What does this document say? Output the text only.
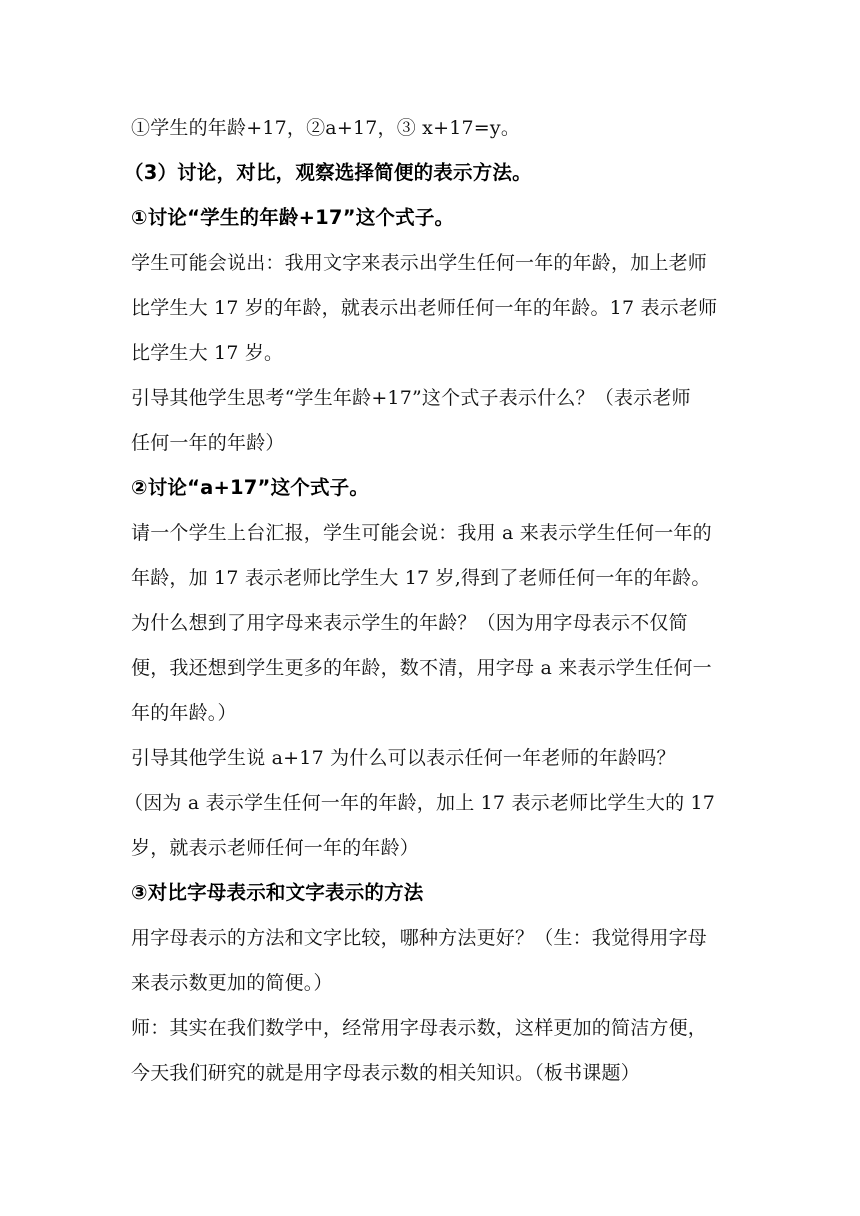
①学生的年龄+17，②a+17，③ x+17=y。
（3）讨论，对比，观察选择简便的表示方法。
①讨论“学生的年龄+17”这个式子。
学生可能会说出：我用文字来表示出学生任何一年的年龄，加上老师
比学生大 17 岁的年龄，就表示出老师任何一年的年龄。17 表示老师
比学生大 17 岁。
引导其他学生思考“学生年龄+17”这个式子表示什么？（表示老师
任何一年的年龄）
②讨论“a+17”这个式子。
请一个学生上台汇报，学生可能会说：我用 a 来表示学生任何一年的
年龄，加 17 表示老师比学生大 17 岁,得到了老师任何一年的年龄。
为什么想到了用字母来表示学生的年龄？（因为用字母表示不仅简
便，我还想到学生更多的年龄，数不清，用字母 a 来表示学生任何一
年的年龄。）
引导其他学生说 a+17 为什么可以表示任何一年老师的年龄吗？
（因为 a 表示学生任何一年的年龄，加上 17 表示老师比学生大的 17
岁，就表示老师任何一年的年龄）
③对比字母表示和文字表示的方法
用字母表示的方法和文字比较，哪种方法更好？（生：我觉得用字母
来表示数更加的简便。）
师：其实在我们数学中，经常用字母表示数，这样更加的简洁方便，
今天我们研究的就是用字母表示数的相关知识。（板书课题）
